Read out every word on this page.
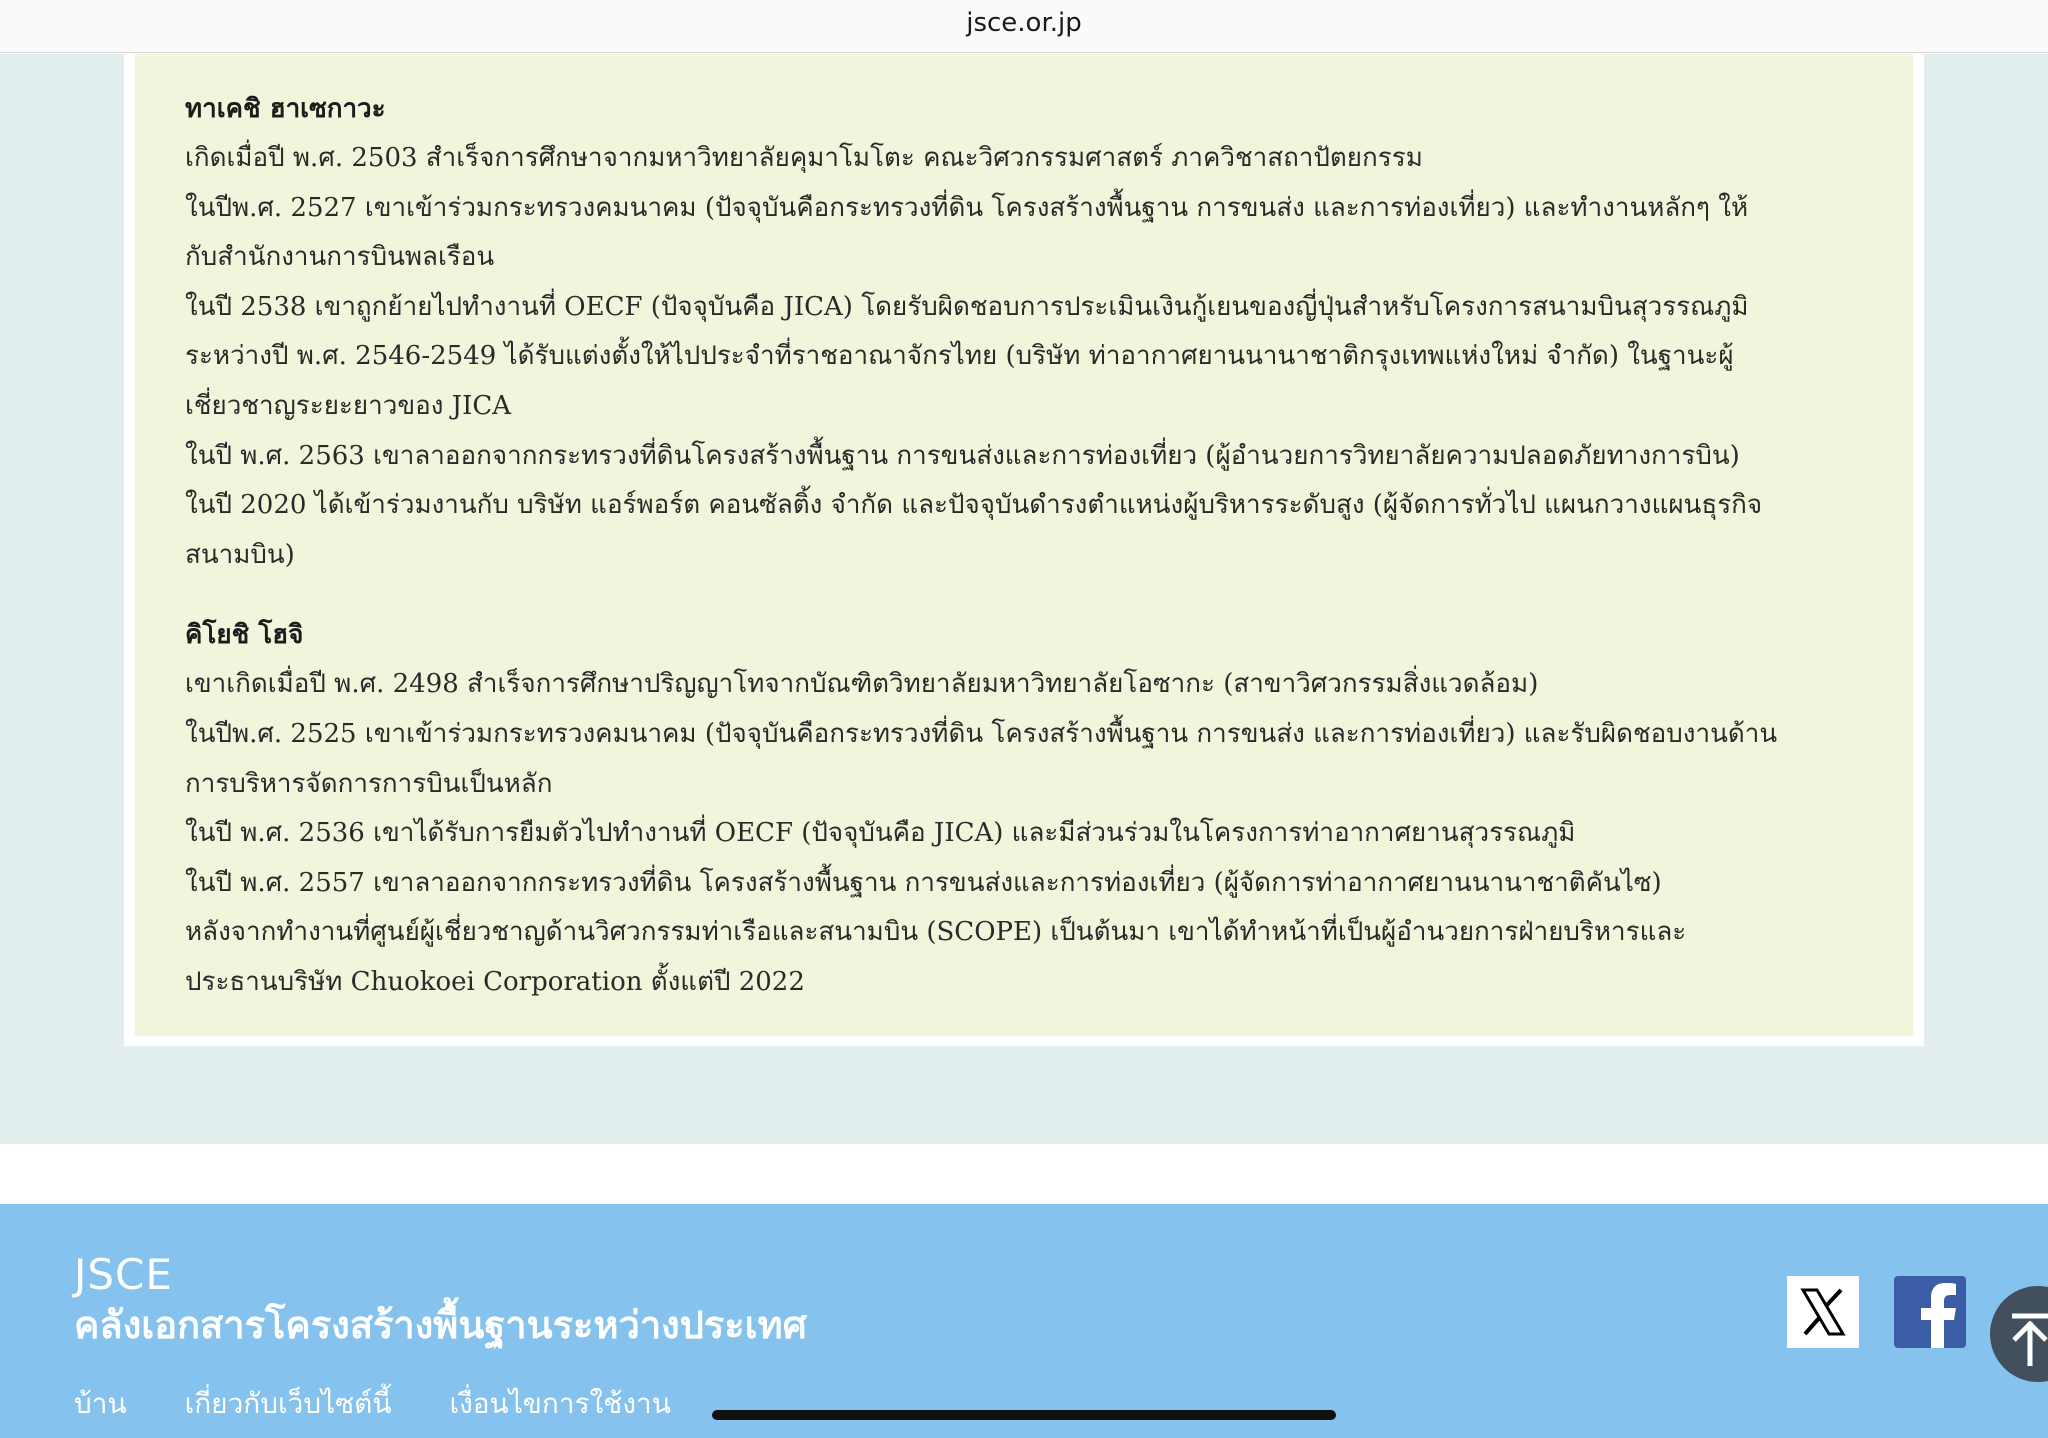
jsce.or.jp

ทาเคชิ ฮาเซกาวะ

เกิดเมื่อปี พ.ศ. 2503 สำเร็จการศึกษาจากมหาวิทยาลัยคุมาโมโตะ คณะวิศวกรรมศาสตร์ ภาควิชาสถาปัตยกรรม

ในปีพ.ศ. 2527 เขาเข้าร่วมกระทรวงคมนาคม (ปัจจุบันคือกระทรวงที่ดิน โครงสร้างพื้นฐาน การขนส่ง และการท่องเที่ยว) และทำงานหลักๆ ให้

กับสำนักงานการบินพลเรือน

ในปี 2538 เขาถูกย้ายไปทำงานที่ OECF (ปัจจุบันคือ JICA) โดยรับผิดชอบการประเมินเงินกู้เยนของญี่ปุ่นสำหรับโครงการสนามบินสุวรรณภูมิ

ระหว่างปี พ.ศ. 2546-2549 ได้รับแต่งตั้งให้ไปประจำที่ราชอาณาจักรไทย (บริษัท ท่าอากาศยานนานาชาติกรุงเทพแห่งใหม่ จำกัด) ในฐานะผู้

เชี่ยวชาญระยะยาวของ JICA

ในปี พ.ศ. 2563 เขาลาออกจากกระทรวงที่ดินโครงสร้างพื้นฐาน การขนส่งและการท่องเที่ยว (ผู้อำนวยการวิทยาลัยความปลอดภัยทางการบิน)

ในปี 2020 ได้เข้าร่วมงานกับ บริษัท แอร์พอร์ต คอนซัลติ้ง จำกัด และปัจจุบันดำรงตำแหน่งผู้บริหารระดับสูง (ผู้จัดการทั่วไป แผนกวางแผนธุรกิจ

สนามบิน)

คิโยชิ โฮจิ

เขาเกิดเมื่อปี พ.ศ. 2498 สำเร็จการศึกษาปริญญาโทจากบัณฑิตวิทยาลัยมหาวิทยาลัยโอซากะ (สาขาวิศวกรรมสิ่งแวดล้อม)

ในปีพ.ศ. 2525 เขาเข้าร่วมกระทรวงคมนาคม (ปัจจุบันคือกระทรวงที่ดิน โครงสร้างพื้นฐาน การขนส่ง และการท่องเที่ยว) และรับผิดชอบงานด้าน

การบริหารจัดการการบินเป็นหลัก

ในปี พ.ศ. 2536 เขาได้รับการยืมตัวไปทำงานที่ OECF (ปัจจุบันคือ JICA) และมีส่วนร่วมในโครงการท่าอากาศยานสุวรรณภูมิ

ในปี พ.ศ. 2557 เขาลาออกจากกระทรวงที่ดิน โครงสร้างพื้นฐาน การขนส่งและการท่องเที่ยว (ผู้จัดการท่าอากาศยานนานาชาติคันไซ)

หลังจากทำงานที่ศูนย์ผู้เชี่ยวชาญด้านวิศวกรรมท่าเรือและสนามบิน (SCOPE) เป็นต้นมา เขาได้ทำหน้าที่เป็นผู้อำนวยการฝ่ายบริหารและ

ประธานบริษัท Chuokoei Corporation ตั้งแต่ปี 2022

JSCE

คลังเอกสารโครงสร้างพื้นฐานระหว่างประเทศ

บ้าน เกี่ยวกับเว็บไซต์นี้ เงื่อนไขการใช้งาน
